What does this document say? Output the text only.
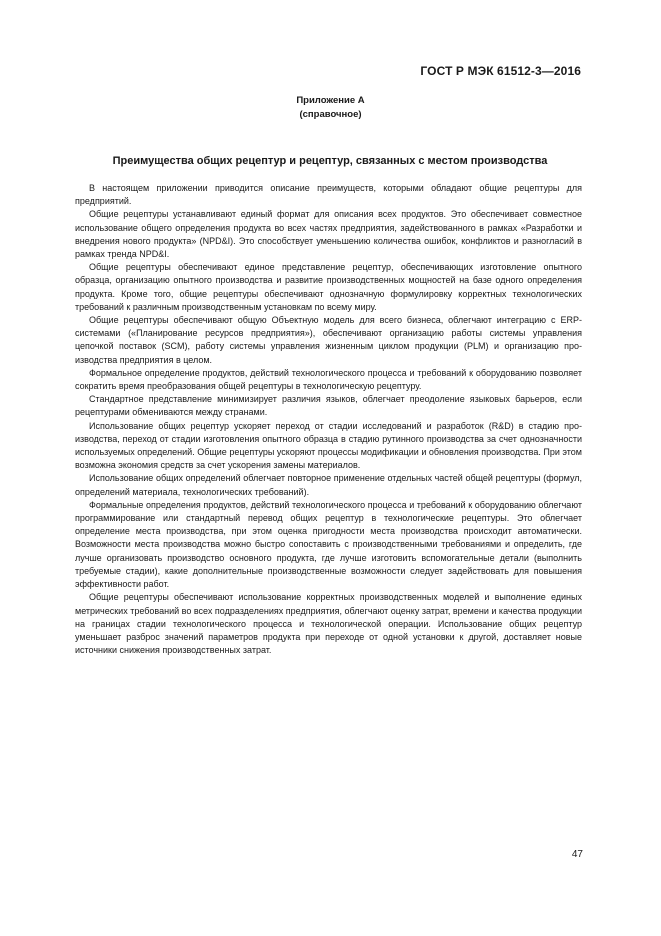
ГОСТ Р МЭК 61512-3—2016
Приложение А
(справочное)
Преимущества общих рецептур и рецептур, связанных с местом производства

В настоящем приложении приводится описание преимуществ, которыми обладают общие рецептуры для предприятий.

Общие рецептуры устанавливают единый формат для описания всех продуктов. Это обеспечивает совместное использование общего определения продукта во всех частях предприятия, задействованного в рамках «Разработки и внедрения нового продукта» (NPD&I). Это способствует уменьшению количества ошибок, конфликтов и разногласий в рамках тренда NPD&I.

Общие рецептуры обеспечивают единое представление рецептур, обеспечивающих изготовление опытного образца, организацию опытного производства и развитие производственных мощностей на базе одного определения продукта. Кроме того, общие рецептуры обеспечивают однозначную формулировку корректных технологических требований к различным производственным установкам по всему миру.

Общие рецептуры обеспечивают общую Объектную модель для всего бизнеса, облегчают интеграцию с ERP-системами («Планирование ресурсов предприятия»), обеспечивают организацию работы системы управления цепочкой поставок (SCM), работу системы управления жизненным циклом продукции (PLM) и организацию производства предприятия в целом.

Формальное определение продуктов, действий технологического процесса и требований к оборудованию позволяет сократить время преобразования общей рецептуры в технологическую рецептуру.

Стандартное представление минимизирует различия языков, облегчает преодоление языковых барьеров, если рецептурами обмениваются между странами.

Использование общих рецептур ускоряет переход от стадии исследований и разработок (R&D) в стадию производства, переход от стадии изготовления опытного образца в стадию рутинного производства за счет однозначности используемых определений. Общие рецептуры ускоряют процессы модификации и обновления производства. При этом возможна экономия средств за счет ускорения замены материалов.

Использование общих определений облегчает повторное применение отдельных частей общей рецептуры (формул, определений материала, технологических требований).

Формальные определения продуктов, действий технологического процесса и требований к оборудованию облегчают программирование или стандартный перевод общих рецептур в технологические рецептуры. Это облегчает определение места производства, при этом оценка пригодности места производства происходит автоматически. Возможности места производства можно быстро сопоставить с производственными требованиями и определить, где лучше организовать производство основного продукта, где лучше изготовить вспомогательные детали (выполнить требуемые стадии), какие дополнительные производственные возможности следует задействовать для повышения эффективности работ.

Общие рецептуры обеспечивают использование корректных производственных моделей и выполнение единых метрических требований во всех подразделениях предприятия, облегчают оценку затрат, времени и качества продукции на границах стадии технологического процесса и технологической операции. Использование общих рецептур уменьшает разброс значений параметров продукта при переходе от одной установки к другой, доставляет новые источники снижения производственных затрат.

47
